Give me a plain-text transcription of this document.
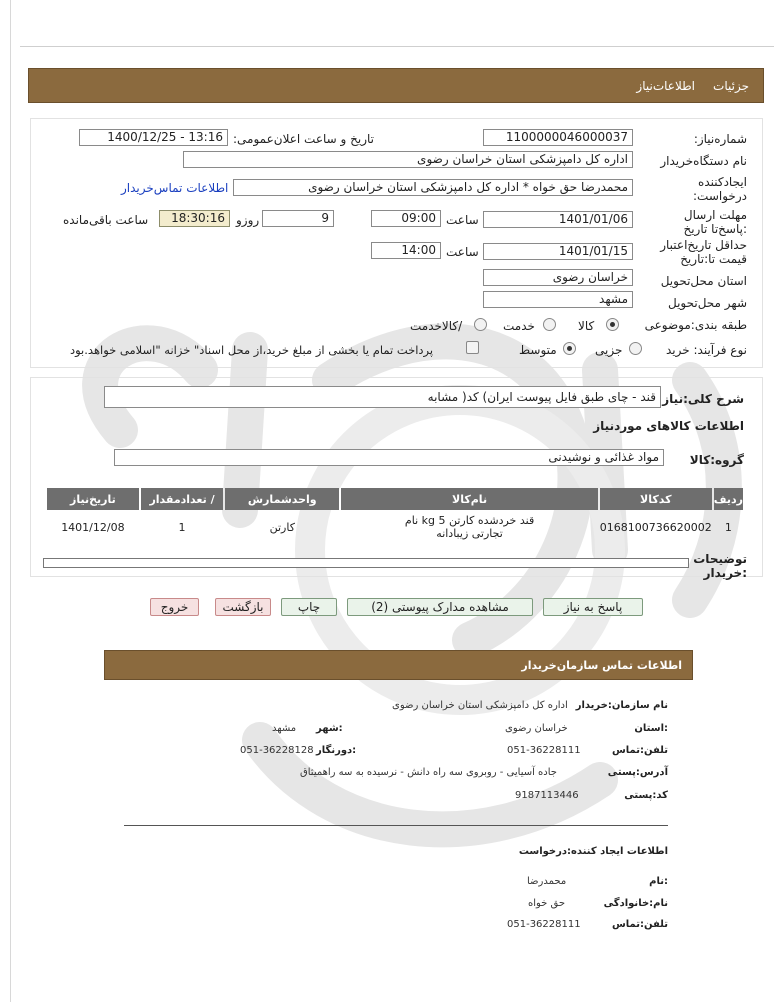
جزئیات
اطلاعات‌نیاز
شماره‌نیاز:
1100000046000037
تاریخ و ساعت اعلان‌عمومی:
1400/12/25 - 13:16
نام دستگاه‌خریدار
اداره کل دامپزشکی استان خراسان رضوی
ایجادکننده درخواست:
محمدرضا حق خواه * اداره کل دامپزشکی استان خراسان رضوی
اطلاعات تماس‌خریدار
مهلت ارسال :پاسخ‌تا تاریخ
1401/01/06
ساعت
09:00
9
روزو
18:30:16
ساعت باقی‌مانده
حداقل تاریخ‌اعتبار قیمت تا:تاریخ
1401/01/15
ساعت
14:00
استان محل‌تحویل
خراسان رضوی
شهر محل‌تحویل
مشهد
طبقه بندی:موضوعی
کالا
خدمت
/کالاخدمت
نوع فرآیند: خرید
جزیی
متوسط
پرداخت تمام یا بخشی از مبلغ خرید،از محل اسناد" خزانه "اسلامی خواهد.بود
شرح کلی:نیاز
قند - چای طبق فایل پیوست ایران) کد( مشابه
اطلاعات کالاهای موردنیاز
گروه:کالا
مواد غذائی و نوشیدنی
ردیف	کدکالا	نام‌کالا	واحدشمارش	/ تعدادمقدار	تاریخ‌نیاز
1	0168100736620002	قند خردشده کارتن 5 kg نام تجارتی زیبادانه	کارتن	1	1401/12/08
توضیحات :خریدار
پاسخ به نیاز
مشاهده مدارک پیوستی (2)
چاپ
بازگشت
خروج
اطلاعات تماس سازمان‌خریدار
نام سازمان:خریدار
اداره کل دامپزشکی استان خراسان رضوی
:استان
خراسان رضوی
:شهر
مشهد
تلفن:تماس
051-36228111
:دورنگار
051-36228128
آدرس:پستی
جاده آسیایی - روبروی سه راه دانش - نرسیده به سه راهمیثاق
کد:پستی
9187113446
اطلاعات ایجاد کننده:درخواست
:نام
محمدرضا
نام:خانوادگی
حق خواه
تلفن:تماس
051-36228111
